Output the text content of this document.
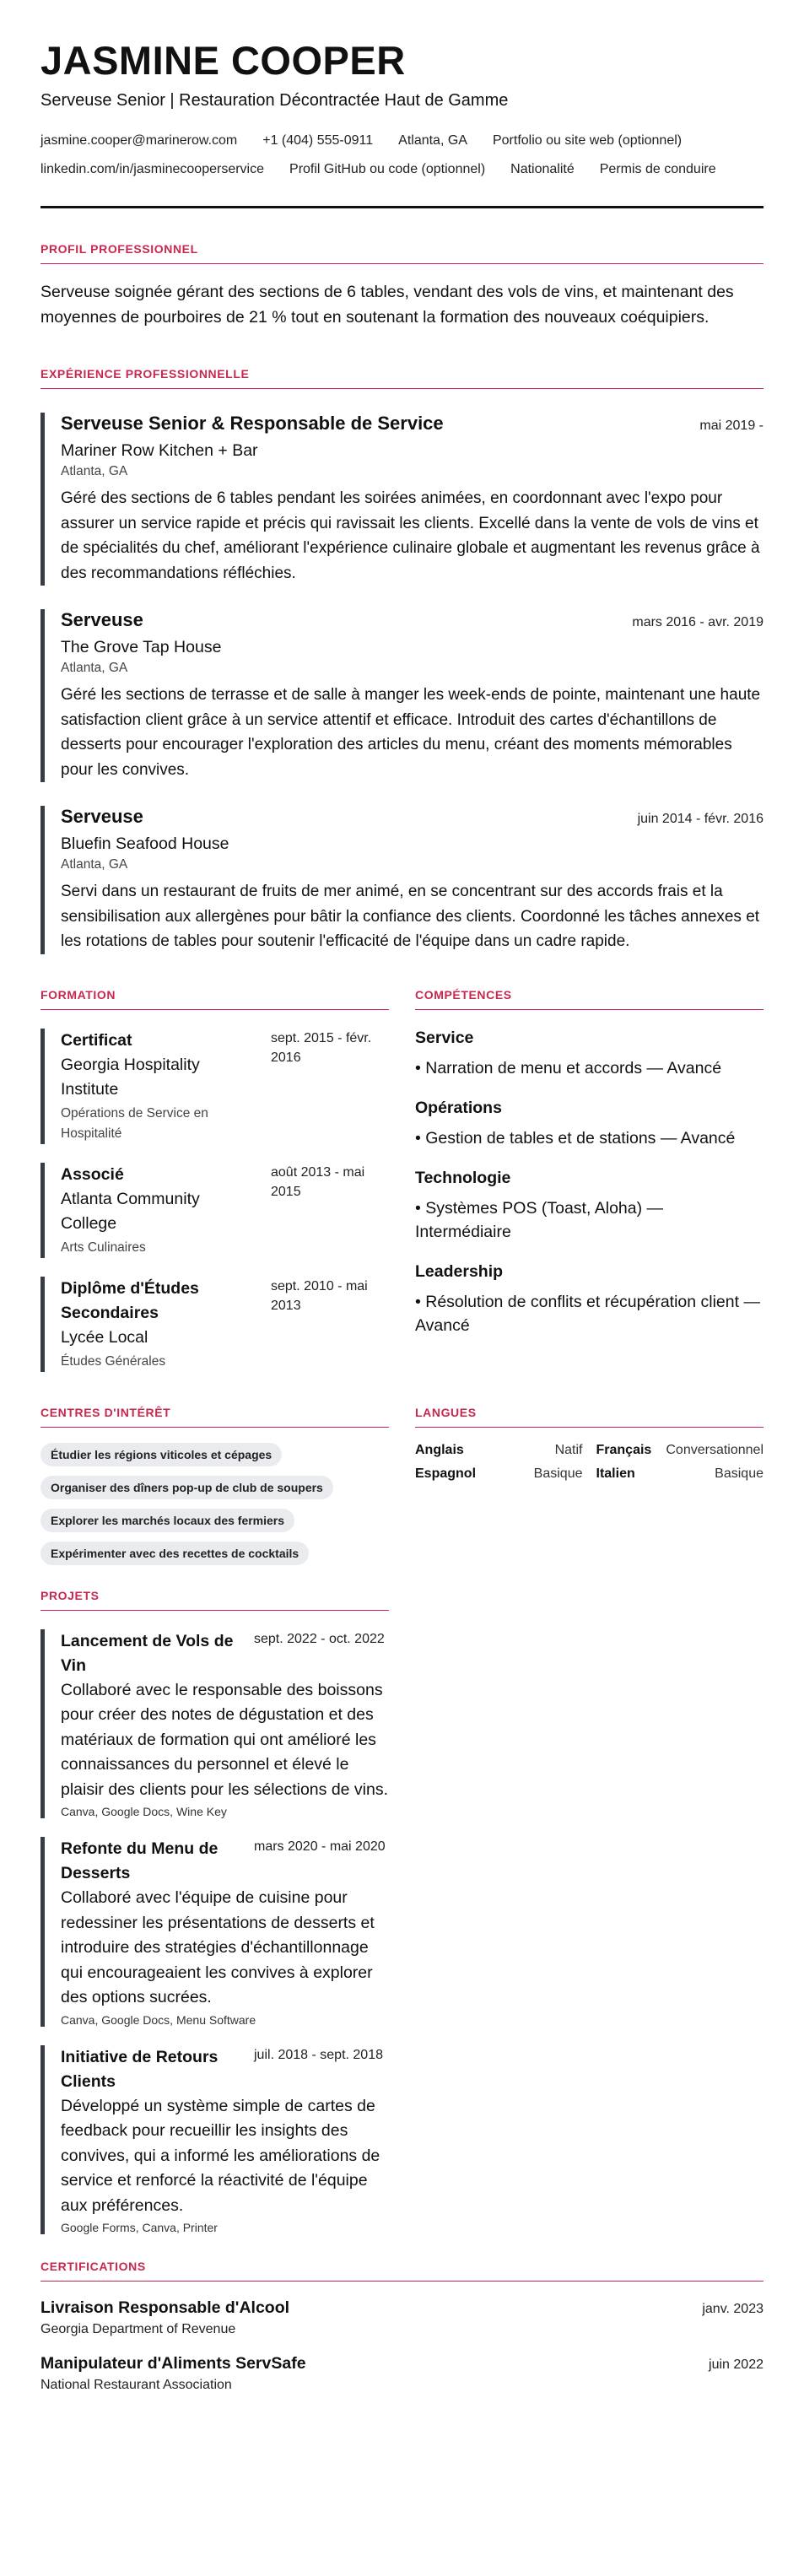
JASMINE COOPER
Serveuse Senior | Restauration Décontractée Haut de Gamme
jasmine.cooper@marinerow.com +1 (404) 555-0911 Atlanta, GA Portfolio ou site web (optionnel)
linkedin.com/in/jasminecooperservice Profil GitHub ou code (optionnel) Nationalité Permis de conduire
PROFIL PROFESSIONNEL
Serveuse soignée gérant des sections de 6 tables, vendant des vols de vins, et maintenant des moyennes de pourboires de 21 % tout en soutenant la formation des nouveaux coéquipiers.
EXPÉRIENCE PROFESSIONNELLE
Serveuse Senior & Responsable de Service	mai 2019 -
Mariner Row Kitchen + Bar
Atlanta, GA
Géré des sections de 6 tables pendant les soirées animées, en coordonnant avec l'expo pour assurer un service rapide et précis qui ravissait les clients. Excellé dans la vente de vols de vins et de spécialités du chef, améliorant l'expérience culinaire globale et augmentant les revenus grâce à des recommandations réfléchies.
Serveuse	mars 2016 - avr. 2019
The Grove Tap House
Atlanta, GA
Géré les sections de terrasse et de salle à manger les week-ends de pointe, maintenant une haute satisfaction client grâce à un service attentif et efficace. Introduit des cartes d'échantillons de desserts pour encourager l'exploration des articles du menu, créant des moments mémorables pour les convives.
Serveuse	juin 2014 - févr. 2016
Bluefin Seafood House
Atlanta, GA
Servi dans un restaurant de fruits de mer animé, en se concentrant sur des accords frais et la sensibilisation aux allergènes pour bâtir la confiance des clients. Coordonné les tâches annexes et les rotations de tables pour soutenir l'efficacité de l'équipe dans un cadre rapide.
FORMATION
Certificat
Georgia Hospitality Institute
Opérations de Service en Hospitalité
sept. 2015 - févr. 2016
Associé
Atlanta Community College
Arts Culinaires
août 2013 - mai 2015
Diplôme d'Études Secondaires
Lycée Local
Études Générales
sept. 2010 - mai 2013
COMPÉTENCES
Service
• Narration de menu et accords — Avancé
Opérations
• Gestion de tables et de stations — Avancé
Technologie
• Systèmes POS (Toast, Aloha) — Intermédiaire
Leadership
• Résolution de conflits et récupération client — Avancé
CENTRES D'INTÉRÊT
Étudier les régions viticoles et cépages
Organiser des dîners pop-up de club de soupers
Explorer les marchés locaux des fermiers
Expérimenter avec des recettes de cocktails
PROJETS
Lancement de Vols de Vin
sept. 2022 - oct. 2022
Collaboré avec le responsable des boissons pour créer des notes de dégustation et des matériaux de formation qui ont amélioré les connaissances du personnel et élevé le plaisir des clients pour les sélections de vins.
Canva, Google Docs, Wine Key
Refonte du Menu de Desserts
mars 2020 - mai 2020
Collaboré avec l'équipe de cuisine pour redessiner les présentations de desserts et introduire des stratégies d'échantillonnage qui encourageaient les convives à explorer des options sucrées.
Canva, Google Docs, Menu Software
Initiative de Retours Clients
juil. 2018 - sept. 2018
Développé un système simple de cartes de feedback pour recueillir les insights des convives, qui a informé les améliorations de service et renforcé la réactivité de l'équipe aux préférences.
Google Forms, Canva, Printer
LANGUES
Anglais	Natif Français Conversationnel
Espagnol	Basique Italien	Basique
CERTIFICATIONS
Livraison Responsable d'Alcool	janv. 2023
Georgia Department of Revenue
Manipulateur d'Aliments ServSafe	juin 2022
National Restaurant Association
